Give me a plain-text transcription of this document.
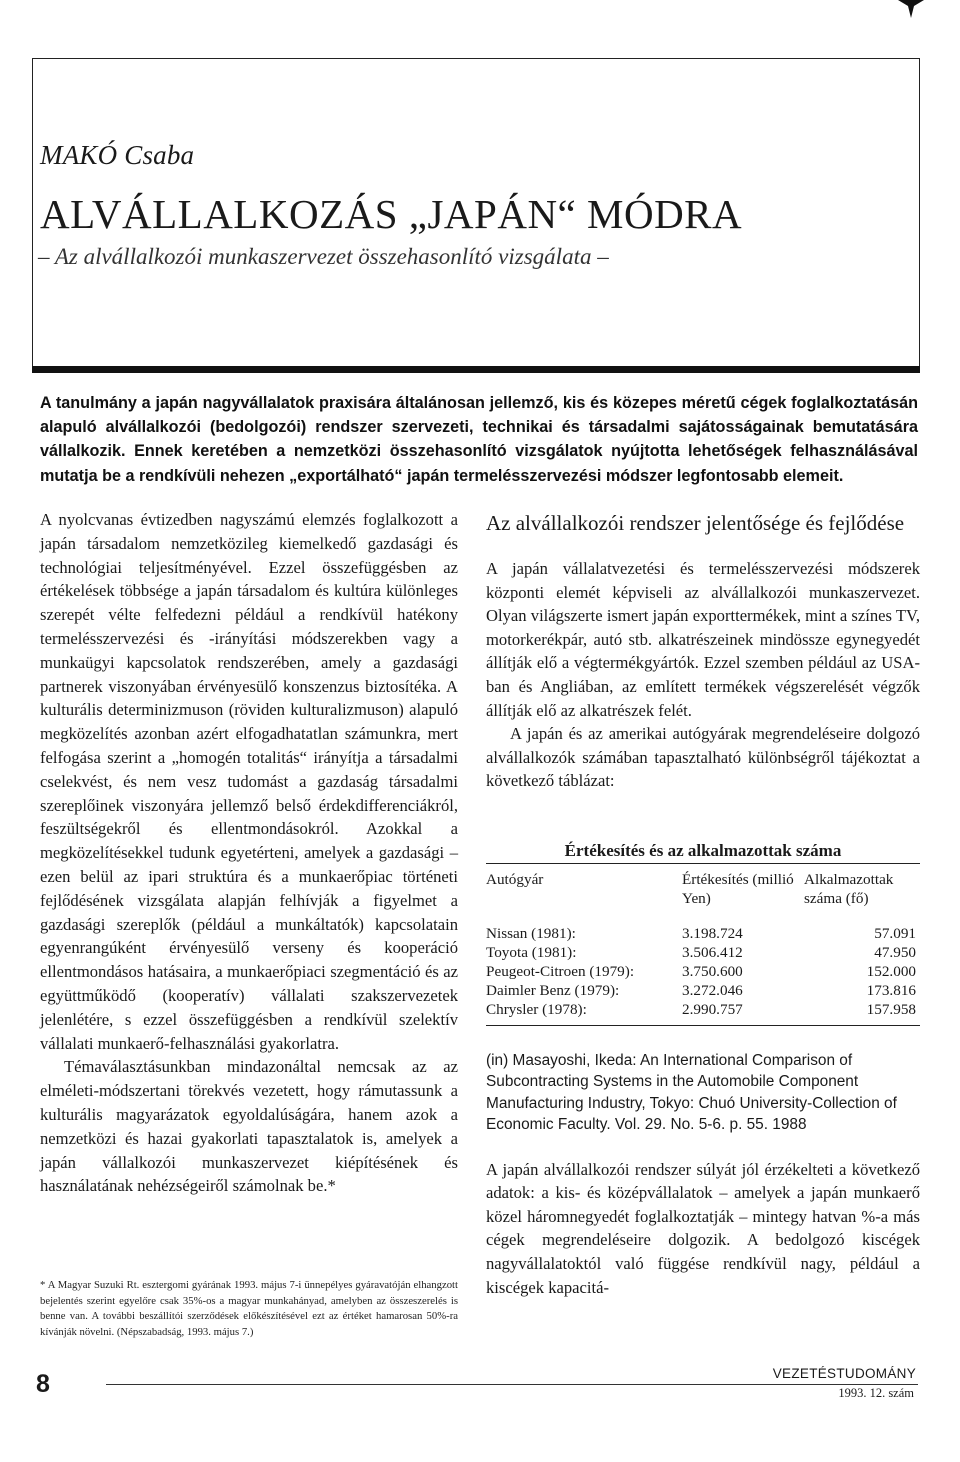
MAKÓ Csaba
ALVÁLLALKOZÁS „JAPÁN“ MÓDRA
– Az alvállalkozói munkaszervezet összehasonlító vizsgálata –

A tanulmány a japán nagyvállalatok praxisára általánosan jellemző, kis és közepes méretű cégek foglalkoztatásán alapuló alvállalkozói (bedolgozói) rendszer szervezeti, technikai és társadalmi sajátosságainak bemutatására vállalkozik. Ennek keretében a nemzetközi összehasonlító vizsgálatok nyújtotta lehetőségek felhasználásával mutatja be a rendkívüli nehezen „exportálható“ japán termelésszervezési módszer legfontosabb elemeit.

A nyolcvanas évtizedben nagyszámú elemzés foglalkozott a japán társadalom nemzetközileg kiemelkedő gazdasági és technológiai teljesítményével. Ezzel összefüggésben az értékelések többsége a japán társadalom és kultúra különleges szerepét vélte felfedezni például a rendkívül hatékony termelésszervezési és -irányítási módszerekben vagy a munkaügyi kapcsolatok rendszerében, amely a gazdasági partnerek viszonyában érvényesülő konszenzus biztosítéka. A kulturális determinizmuson (röviden kulturalizmuson) alapuló megközelítés azonban azért elfogadhatatlan számunkra, mert felfogása szerint a „homogén totalitás“ irányítja a társadalmi cselekvést, és nem vesz tudomást a gazdaság társadalmi szereplőinek viszonyára jellemző belső érdekdifferenciákról, feszültségekről és ellentmondásokról. Azokkal a megközelítésekkel tudunk egyetérteni, amelyek a gazdasági – ezen belül az ipari struktúra és a munkaerőpiac történeti fejlődésének vizsgálata alapján felhívják a figyelmet a gazdasági szereplők (például a munkáltatók) kapcsolatain egyenrangúként érvényesülő verseny és kooperáció ellentmondásos hatásaira, a munkaerőpiaci szegmentáció és az együttműködő (kooperatív) vállalati szakszervezetek jelenlétére, s ezzel összefüggésben a rendkívül szelektív vállalati munkaerő-felhasználási gyakorlatra.

Témaválasztásunkban mindazonáltal nemcsak az az elméleti-módszertani törekvés vezetett, hogy rámutassunk a kulturális magyarázatok egyoldalúságára, hanem azok a nemzetközi és hazai gyakorlati tapasztalatok is, amelyek a japán vállalkozói munkaszervezet kiépítésének és használatának nehézségeiről számolnak be.*

* A Magyar Suzuki Rt. esztergomi gyárának 1993. május 7-i ünnepélyes gyáravatóján elhangzott bejelentés szerint egyelőre csak 35%-os a magyar munkahányad, amelyben az összeszerelés is benne van. A további beszállítói szerződések előkészítésével ezt az értéket hamarosan 50%-ra kívánják növelni. (Népszabadság, 1993. május 7.)

Az alvállalkozói rendszer jelentősége és fejlődése

A japán vállalatvezetési és termelésszervezési módszerek központi elemét képviseli az alvállalkozói munkaszervezet. Olyan világszerte ismert japán exporttermékek, mint a színes TV, motorkerékpár, autó stb. alkatrészeinek mindössze egynegyedét állítják elő a végtermékgyártók. Ezzel szemben például az USA-ban és Angliában, az említett termékek végszerelését végzők állítják elő az alkatrészek felét.

A japán és az amerikai autógyárak megrendeléseire dolgozó alvállalkozók számában tapasztalható különbségről tájékoztat a következő táblázat:

Értékesítés és az alkalmazottak száma

Autógyár	Értékesítés (millió Yen)	Alkalmazottak száma (fő)
Nissan (1981):	3.198.724	57.091
Toyota (1981):	3.506.412	47.950
Peugeot-Citroen (1979):	3.750.600	152.000
Daimler Benz (1979):	3.272.046	173.816
Chrysler (1978):	2.990.757	157.958

(in) Masayoshi, Ikeda: An International Comparison of Subcontracting Systems in the Automobile Component Manufacturing Industry, Tokyo: Chuó University-Collection of Economic Faculty. Vol. 29. No. 5-6. p. 55. 1988

A japán alvállalkozói rendszer súlyát jól érzékelteti a következő adatok: a kis- és középvállalatok – amelyek a japán munkaerő közel háromnegyedét foglalkoztatják – mintegy hatvan %-a más cégek megrendeléseire dolgozik. A bedolgozó kiscégek nagyvállalatoktól való függése rendkívül nagy, például a kiscégek kapacitá-

8	VEZETÉSTUDOMÁNY
1993. 12. szám
